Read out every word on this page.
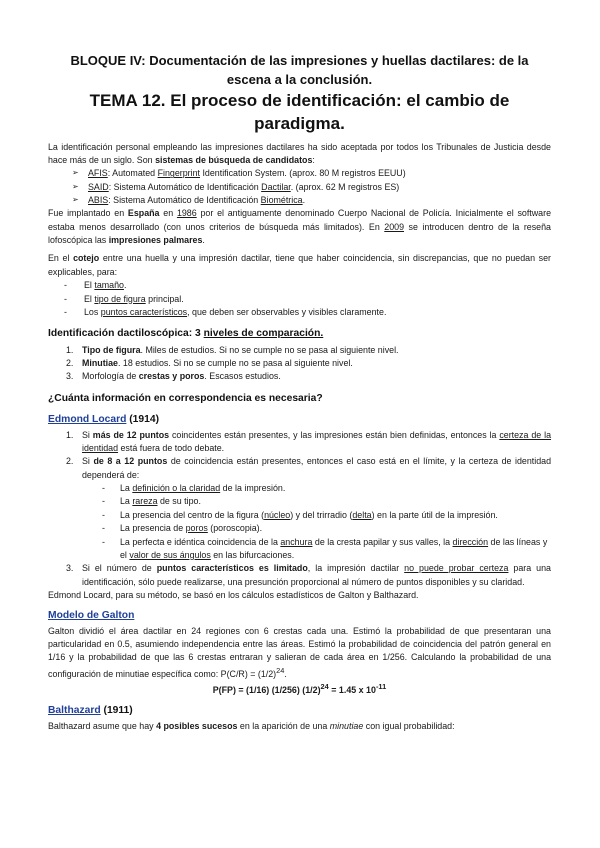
BLOQUE IV: Documentación de las impresiones y huellas dactilares: de la
escena a la conclusión.

TEMA 12. El proceso de identificación: el cambio de paradigma.

La identificación personal empleando las impresiones dactilares ha sido aceptada por todos los Tribunales de Justicia desde hace más de un siglo. Son sistemas de búsqueda de candidatos:

➢ AFIS: Automated Fingerprint Identification System. (aprox. 80 M registros EEUU)
➢ SAID: Sistema Automático de Identificación Dactilar. (aprox. 62 M registros ES)
➢ ABIS: Sistema Automático de Identificación Biométrica.

Fue implantado en España en 1986 por el antiguamente denominado Cuerpo Nacional de Policía. Inicialmente el software estaba menos desarrollado (con unos criterios de búsqueda más limitados). En 2009 se introducen dentro de la reseña lofoscópica las impresiones palmares.

En el cotejo entre una huella y una impresión dactilar, tiene que haber coincidencia, sin discrepancias, que no puedan ser explicables, para:

- El tamaño.
- El tipo de figura principal.
- Los puntos característicos, que deben ser observables y visibles claramente.

Identificación dactiloscópica: 3 niveles de comparación.

1. Tipo de figura. Miles de estudios. Si no se cumple no se pasa al siguiente nivel.
2. Minutiae. 18 estudios. Si no se cumple no se pasa al siguiente nivel.
3. Morfología de crestas y poros. Escasos estudios.

¿Cuánta información en correspondencia es necesaria?

Edmond Locard (1914)

1. Si más de 12 puntos coincidentes están presentes, y las impresiones están bien definidas, entonces la certeza de la identidad está fuera de todo debate.

2. Si de 8 a 12 puntos de coincidencia están presentes, entonces el caso está en el límite, y la certeza de identidad dependerá de:

- La definición o la claridad de la impresión.
- La rareza de su tipo.
- La presencia del centro de la figura (núcleo) y del trirradio (delta) en la parte útil de la impresión.
- La presencia de poros (poroscopia).
- La perfecta e idéntica coincidencia de la anchura de la cresta papilar y sus valles, la dirección de las líneas y el valor de sus ángulos en las bifurcaciones.
3. Si el número de puntos característicos es limitado, la impresión dactilar no puede probar certeza para una identificación, sólo puede realizarse, una presunción proporcional al número de puntos disponibles y su claridad.

Edmond Locard, para su método, se basó en los cálculos estadísticos de Galton y Balthazard.

Modelo de Galton

Galton dividió el área dactilar en 24 regiones con 6 crestas cada una. Estimó la probabilidad de que presentaran una particularidad en 0.5, asumiendo independencia entre las áreas. Estimó la probabilidad de coincidencia del patrón general en 1/16 y la probabilidad de que las 6 crestas entraran y salieran de cada área en 1/256. Calculando la probabilidad de una configuración de minutiae específica como: $P(C/R) = (1/2)^{24}$.

P(FP) = (1/16) (1/256) $(1/2)^{24} = 1.45$ x $10^{-11}$

Balthazard (1911)

Balthazard asume que hay 4 posibles sucesos en la aparición de una minutiae con igual probabilidad:
